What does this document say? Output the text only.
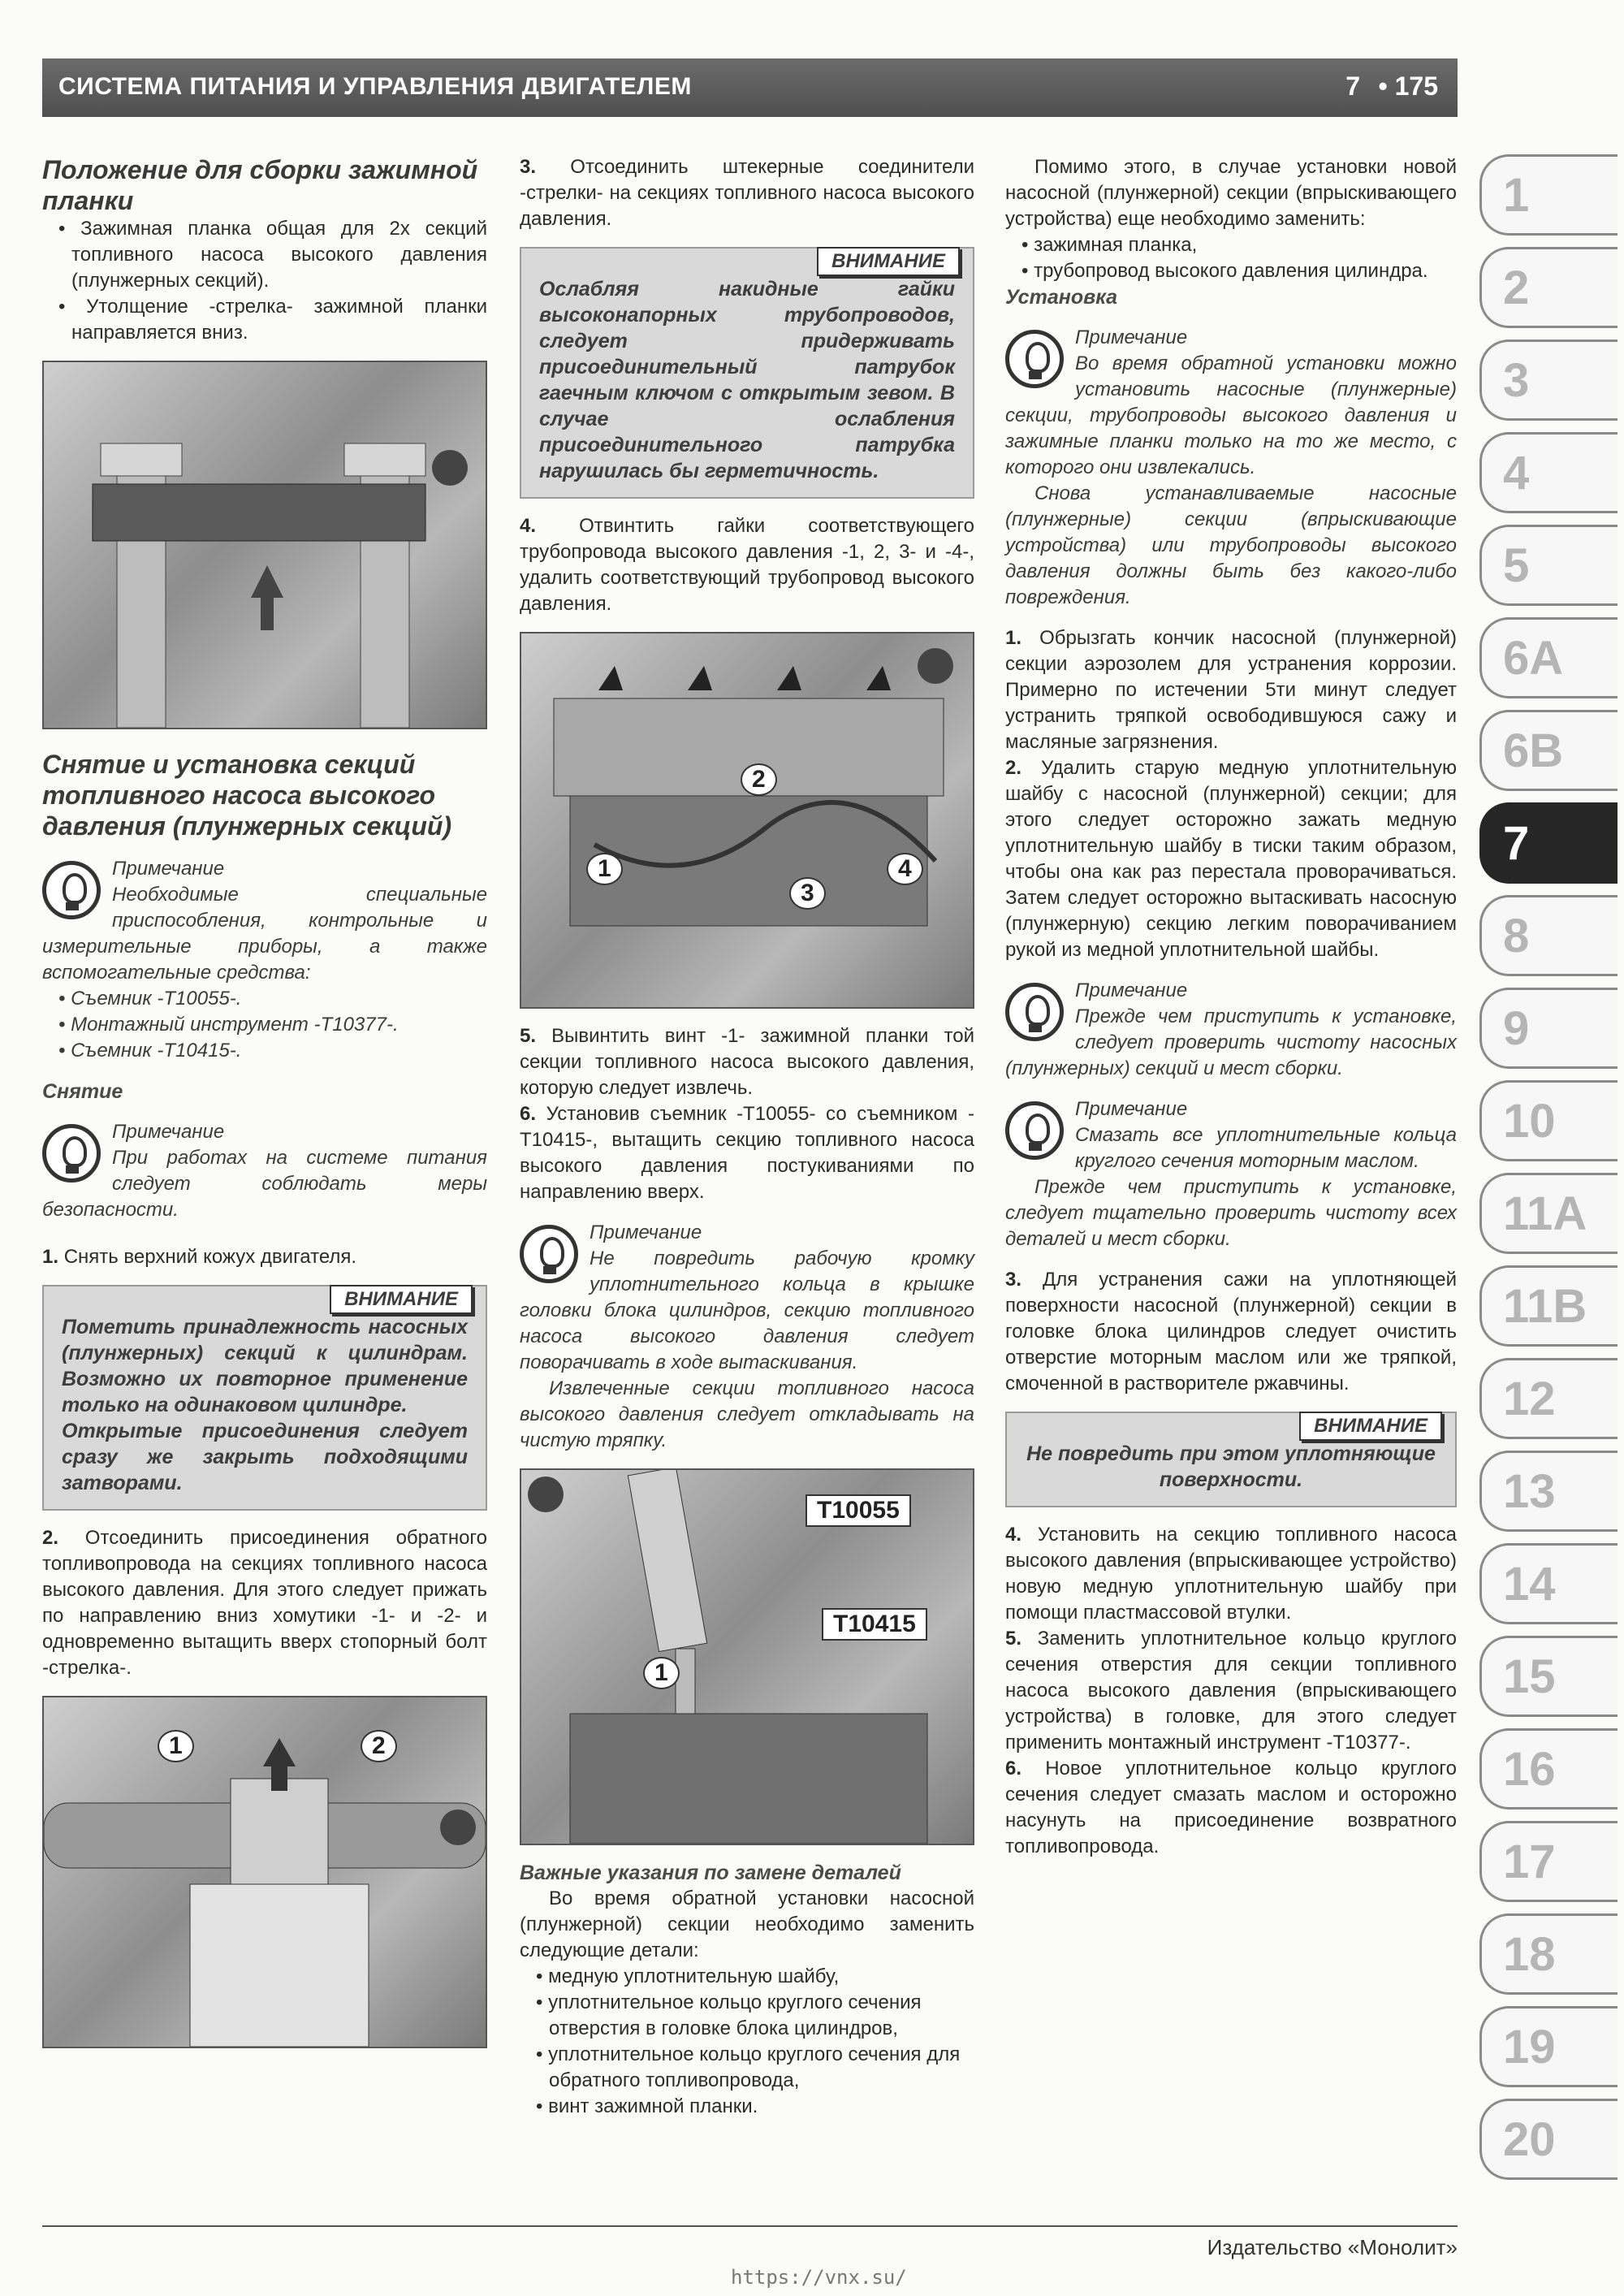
СИСТЕМА ПИТАНИЯ И УПРАВЛЕНИЯ ДВИГАТЕЛЕМ	7 • 175

Положение для сборки зажимной планки

• Зажимная планка общая для 2х секций топливного насоса высокого давления (плунжерных секций).

• Утолщение -стрелка- зажимной планки направляется вниз.

Снятие и установка секций топливного насоса высокого давления (плунжерных секций)

Примечание

Необходимые специальные приспособления, контрольные и измерительные приборы, а также вспомогательные средства:

• Съемник -T10055-.

• Монтажный инструмент -T10377-.

• Съемник -T10415-.

Снятие

Примечание

При работах на системе питания следует соблюдать меры безопасности.

1. Снять верхний кожух двигателя.

ВНИМАНИЕ

Пометить принадлежность насосных (плунжерных) секций к цилиндрам. Возможно их повторное применение только на одинаковом цилиндре.

Открытые присоединения следует сразу же закрыть подходящими затворами.

2. Отсоединить присоединения обратного топливопровода на секциях топливного насоса высокого давления. Для этого следует прижать по направлению вниз хомутики -1- и -2- и одновременно вытащить вверх стопорный болт -стрелка-.

1	2

3. Отсоединить штекерные соединители -стрелки- на секциях топливного насоса высокого давления.

ВНИМАНИЕ

Ослабляя накидные гайки высоконапорных трубопроводов, следует придерживать присоединительный патрубок гаечным ключом с открытым зевом. В случае ослабления присоединительного патрубка нарушилась бы герметичность.

4. Отвинтить гайки соответствующего трубопровода высокого давления -1, 2, 3- и -4-, удалить соответствующий трубопровод высокого давления.

1
2
3
4

5. Вывинтить винт -1- зажимной планки той секции топливного насоса высокого давления, которую следует извлечь.

6. Установив съемник -T10055- со съемником -T10415-, вытащить секцию топливного насоса высокого давления постукиваниями по направлению вверх.

Примечание

Не повредить рабочую кромку уплотнительного кольца в крышке головки блока цилиндров, секцию топливного насоса высокого давления следует поворачивать в ходе вытаскивания.

Извлеченные секции топливного насоса высокого давления следует откладывать на чистую тряпку.

T10055
T10415
1

Важные указания по замене деталей

Во время обратной установки насосной (плунжерной) секции необходимо заменить следующие детали:

• медную уплотнительную шайбу,

• уплотнительное кольцо круглого сечения отверстия в головке блока цилиндров,

• уплотнительное кольцо круглого сечения для обратного топливопровода,

• винт зажимной планки.

Помимо этого, в случае установки новой насосной (плунжерной) секции (впрыскивающего устройства) еще необходимо заменить:

• зажимная планка,

• трубопровод высокого давления цилиндра.

Установка

Примечание

Во время обратной установки можно установить насосные (плунжерные) секции, трубопроводы высокого давления и зажимные планки только на то же место, с которого они извлекались.

Снова устанавливаемые насосные (плунжерные) секции (впрыскивающие устройства) или трубопроводы высокого давления должны быть без какого-либо повреждения.

1. Обрызгать кончик насосной (плунжерной) секции аэрозолем для устранения коррозии. Примерно по истечении 5ти минут следует устранить тряпкой освободившуюся сажу и масляные загрязнения.

2. Удалить старую медную уплотнительную шайбу с насосной (плунжерной) секции; для этого следует осторожно зажать медную уплотнительную шайбу в тиски таким образом, чтобы она как раз перестала проворачиваться. Затем следует осторожно вытаскивать насосную (плунжерную) секцию легким поворачиванием рукой из медной уплотнительной шайбы.

Примечание

Прежде чем приступить к установке, следует проверить чистоту насосных (плунжерных) секций и мест сборки.

Примечание

Смазать все уплотнительные кольца круглого сечения моторным маслом.

Прежде чем приступить к установке, следует тщательно проверить чистоту всех деталей и мест сборки.

3. Для устранения сажи на уплотняющей поверхности насосной (плунжерной) секции в головке блока цилиндров следует очистить отверстие моторным маслом или же тряпкой, смоченной в растворителе ржавчины.

ВНИМАНИЕ

Не повредить при этом уплотняющие поверхности.

4. Установить на секцию топливного насоса высокого давления (впрыскивающее устройство) новую медную уплотнительную шайбу при помощи пластмассовой втулки.

5. Заменить уплотнительное кольцо круглого сечения отверстия для секции топливного насоса высокого давления (впрыскивающего устройства) в головке, для этого следует применить монтажный инструмент -T10377-.

6. Новое уплотнительное кольцо круглого сечения следует смазать маслом и осторожно насунуть на присоединение возвратного топливопровода.

1
2
3
4
5
6A
6B
7
8
9
10
11A
11B
12
13
14
15
16
17
18
19
20
Издательство «Монолит»
https://vnx.su/
